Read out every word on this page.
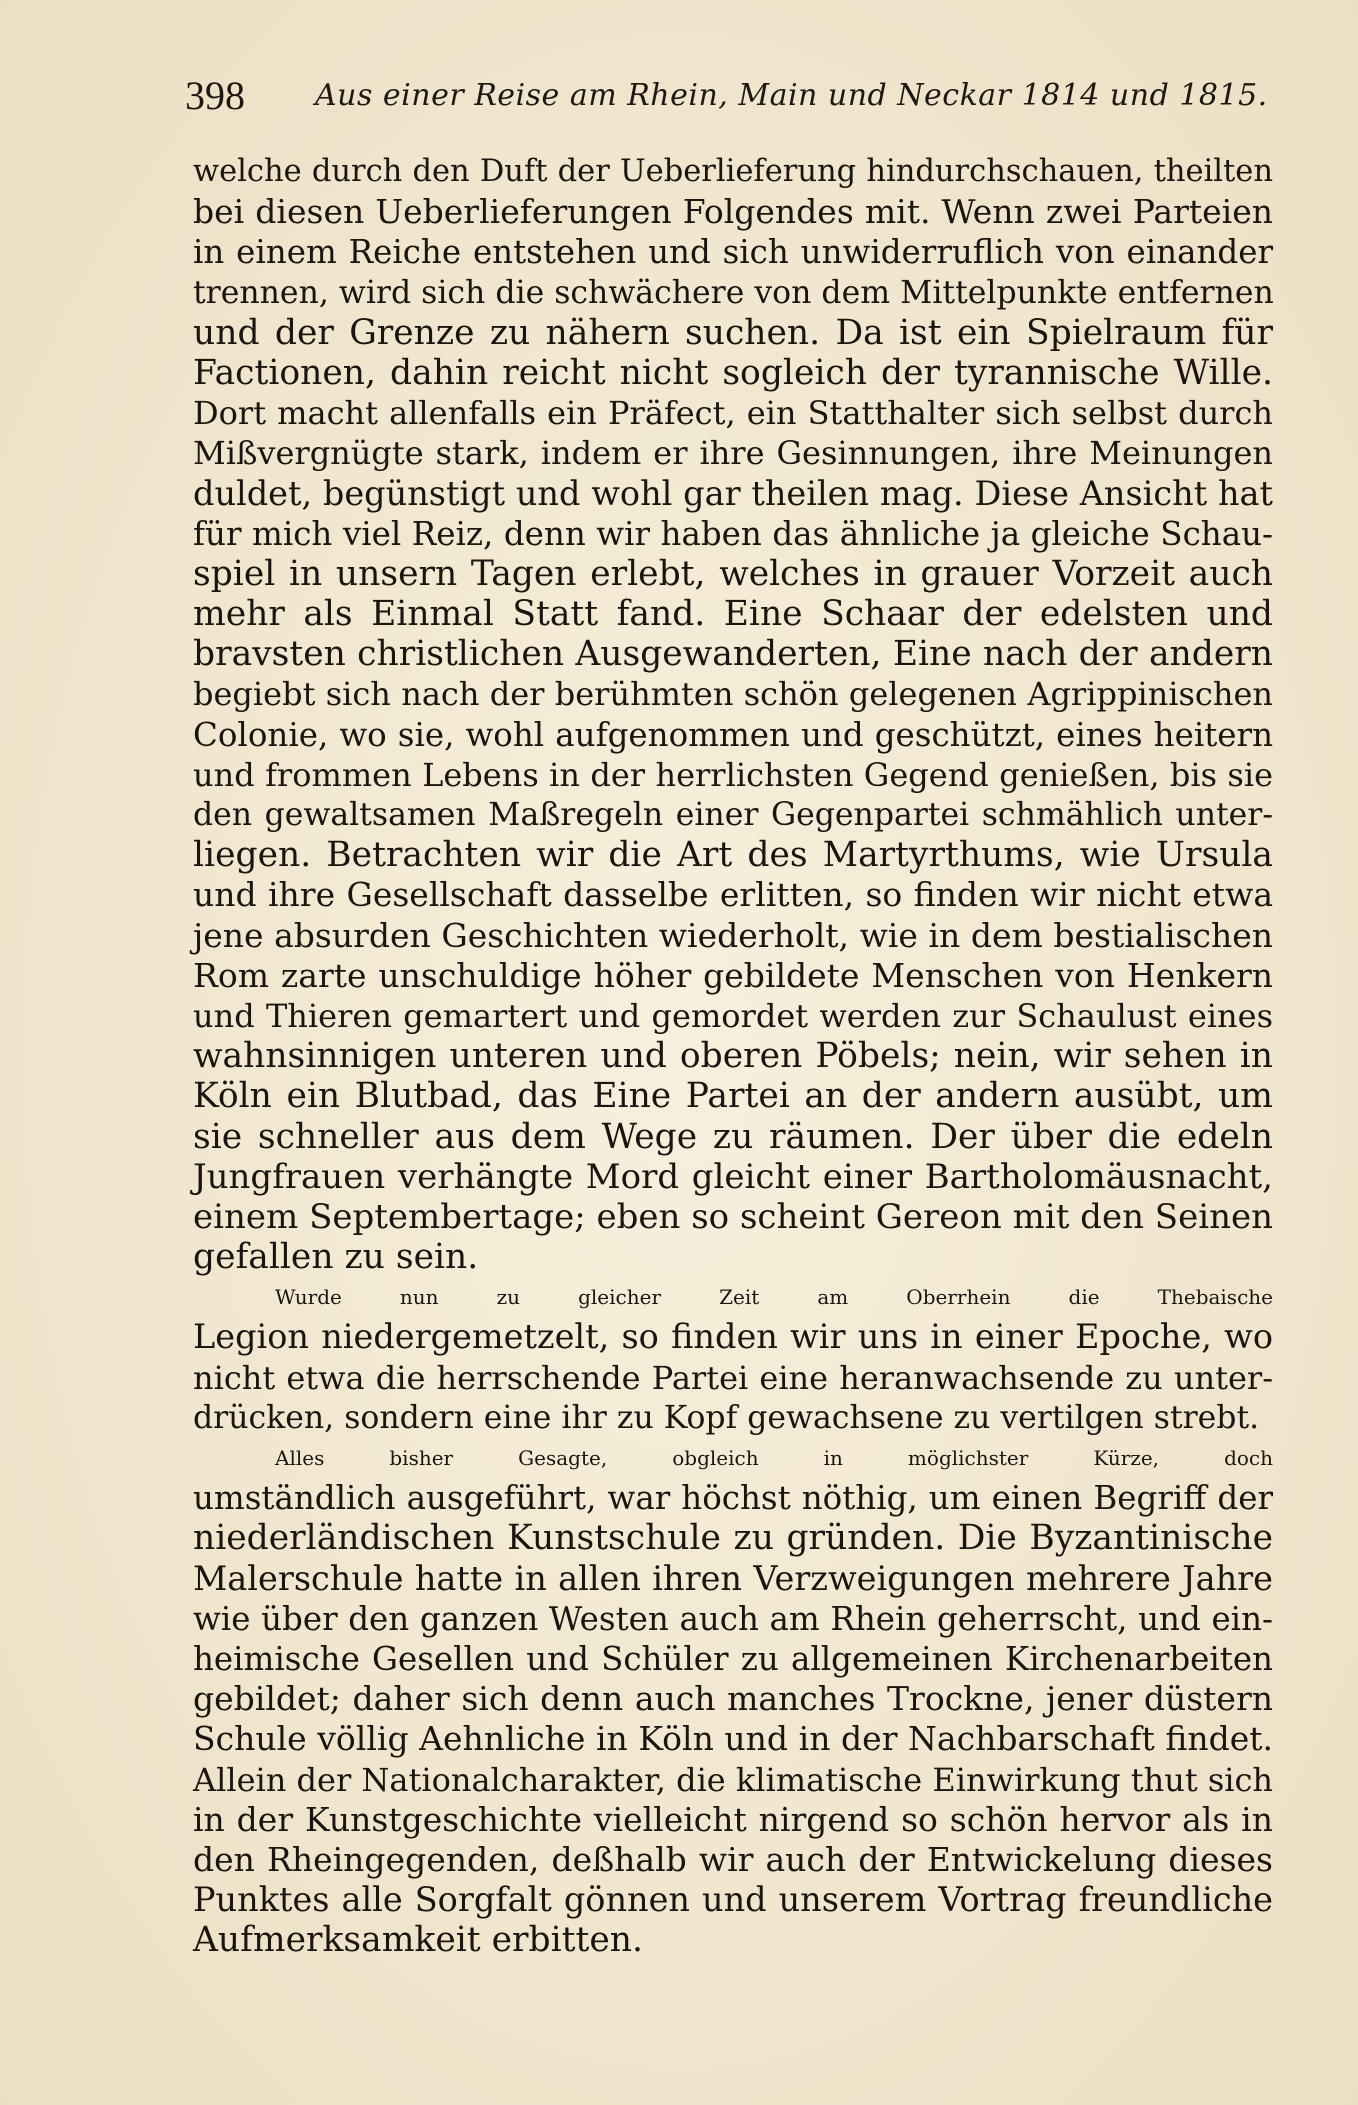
398 Aus einer Reise am Rhein, Main und Neckar 1814 und 1815.
welche durch den Duft der Ueberlieferung hindurchschauen, theilten
bei diesen Ueberlieferungen Folgendes mit. Wenn zwei Parteien
in einem Reiche entstehen und sich unwiderruflich von einander
trennen, wird sich die schwächere von dem Mittelpunkte entfernen
und der Grenze zu nähern suchen. Da ist ein Spielraum für
Factionen, dahin reicht nicht sogleich der tyrannische Wille.
Dort macht allenfalls ein Präfect, ein Statthalter sich selbst durch
Mißvergnügte stark, indem er ihre Gesinnungen, ihre Meinungen
duldet, begünstigt und wohl gar theilen mag. Diese Ansicht hat
für mich viel Reiz, denn wir haben das ähnliche ja gleiche Schau-
spiel in unsern Tagen erlebt, welches in grauer Vorzeit auch
mehr als Einmal Statt fand. Eine Schaar der edelsten und
bravsten christlichen Ausgewanderten, Eine nach der andern
begiebt sich nach der berühmten schön gelegenen Agrippinischen
Colonie, wo sie, wohl aufgenommen und geschützt, eines heitern
und frommen Lebens in der herrlichsten Gegend genießen, bis sie
den gewaltsamen Maßregeln einer Gegenpartei schmählich unter-
liegen. Betrachten wir die Art des Martyrthums, wie Ursula
und ihre Gesellschaft dasselbe erlitten, so finden wir nicht etwa
jene absurden Geschichten wiederholt, wie in dem bestialischen
Rom zarte unschuldige höher gebildete Menschen von Henkern
und Thieren gemartert und gemordet werden zur Schaulust eines
wahnsinnigen unteren und oberen Pöbels; nein, wir sehen in
Köln ein Blutbad, das Eine Partei an der andern ausübt, um
sie schneller aus dem Wege zu räumen. Der über die edeln
Jungfrauen verhängte Mord gleicht einer Bartholomäusnacht,
einem Septembertage; eben so scheint Gereon mit den Seinen
gefallen zu sein.
Wurde nun zu gleicher Zeit am Oberrhein die Thebaische
Legion niedergemetzelt, so finden wir uns in einer Epoche, wo
nicht etwa die herrschende Partei eine heranwachsende zu unter-
drücken, sondern eine ihr zu Kopf gewachsene zu vertilgen strebt.
Alles bisher Gesagte, obgleich in möglichster Kürze, doch
umständlich ausgeführt, war höchst nöthig, um einen Begriff der
niederländischen Kunstschule zu gründen. Die Byzantinische
Malerschule hatte in allen ihren Verzweigungen mehrere Jahre
wie über den ganzen Westen auch am Rhein geherrscht, und ein-
heimische Gesellen und Schüler zu allgemeinen Kirchenarbeiten
gebildet; daher sich denn auch manches Trockne, jener düstern
Schule völlig Aehnliche in Köln und in der Nachbarschaft findet.
Allein der Nationalcharakter, die klimatische Einwirkung thut sich
in der Kunstgeschichte vielleicht nirgend so schön hervor als in
den Rheingegenden, deßhalb wir auch der Entwickelung dieses
Punktes alle Sorgfalt gönnen und unserem Vortrag freundliche
Aufmerksamkeit erbitten.
